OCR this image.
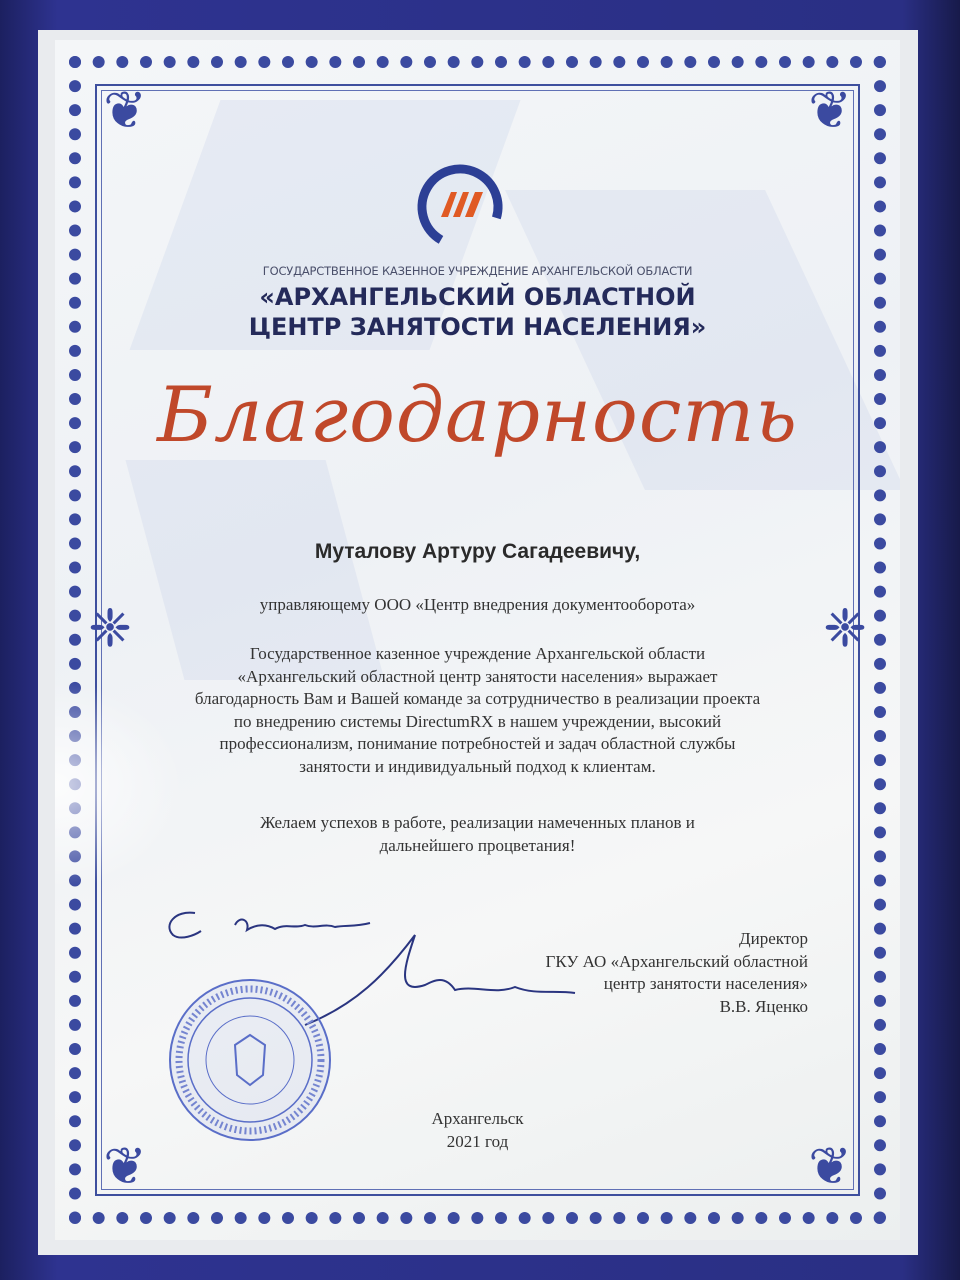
❦	❦
❦	❦
❈	❈
ГОСУДАРСТВЕННОЕ КАЗЕННОЕ УЧРЕЖДЕНИЕ АРХАНГЕЛЬСКОЙ ОБЛАСТИ
«АРХАНГЕЛЬСКИЙ ОБЛАСТНОЙ
ЦЕНТР ЗАНЯТОСТИ НАСЕЛЕНИЯ»
Благодарность
Муталову Артуру Сагадеевичу,
управляющему ООО «Центр внедрения документооборота»
Государственное казенное учреждение Архангельской области
«Архангельский областной центр занятости населения» выражает
благодарность Вам и Вашей команде за сотрудничество в реализации проекта
по внедрению системы DirectumRX в нашем учреждении, высокий
профессионализм, понимание потребностей и задач областной службы
занятости и индивидуальный подход к клиентам.
Желаем успехов в работе, реализации намеченных планов и
дальнейшего процветания!
Директор
ГКУ АО «Архангельский областной
центр занятости населения»
В.В. Яценко
Архангельск
2021 год
